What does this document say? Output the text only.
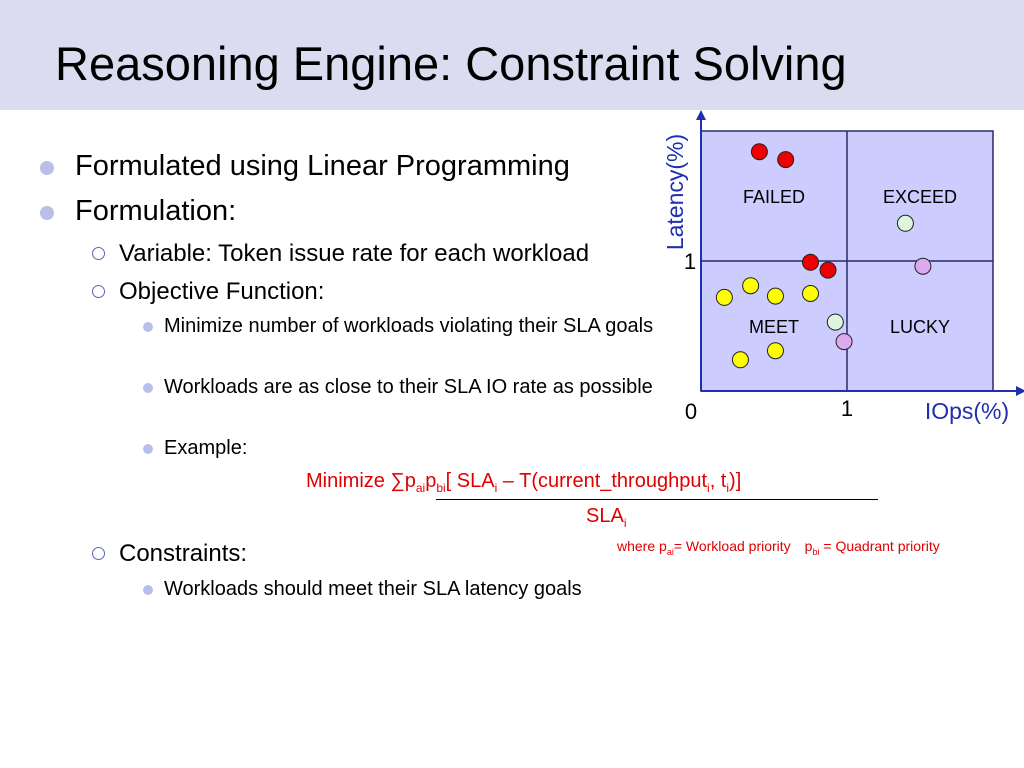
Reasoning Engine: Constraint Solving
Formulated using Linear Programming
Formulation:
Variable: Token issue rate for each workload
Objective Function:
Minimize number of workloads violating their SLA goals
Workloads are as close to their SLA IO rate as possible
Example:
Minimize $\sum p_{ai}p_{bi}$[ $SLA_i$ – T(current_throughput$_i$, $t_i$)]
$SLA_i$
where $p_{ai}=$ Workload priority $p_{bi}$ = Quadrant priority
Constraints:
Workloads should meet their SLA latency goals
FAILED	EXCEED
MEET	LUCKY
0	1
1
IOps(%)
Latency(%)
